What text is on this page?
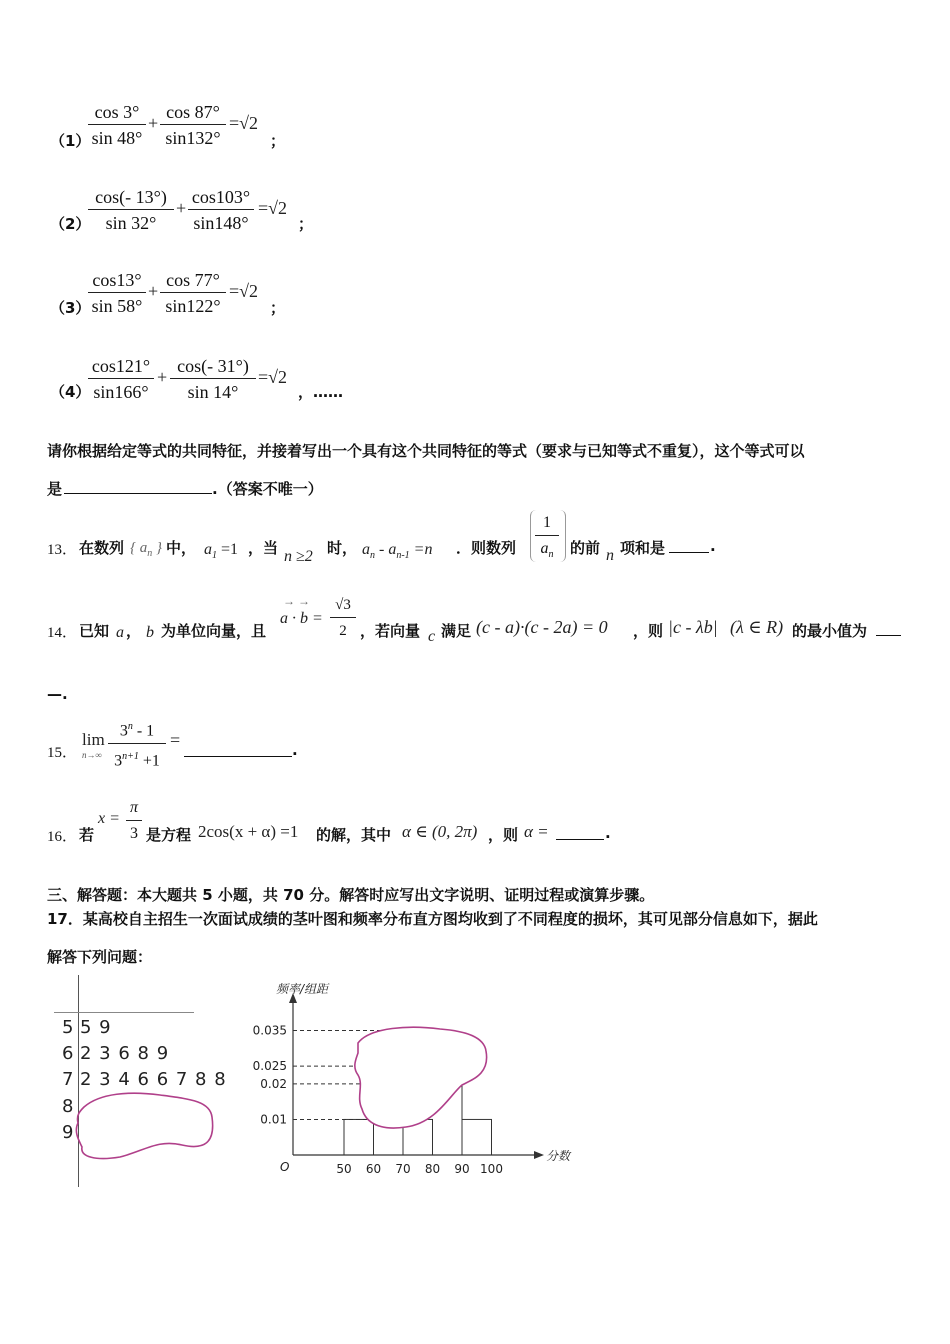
（1）
cos 3°
sin 48°
+
cos 87°
sin132°
=√2
；
（2）
cos(- 13°)
sin 32°
+
cos103°
sin148°
=√2
；
（3）
cos13°
sin 58°
+
cos 77°
sin122°
=√2
；
（4）
cos121°
sin166°
+
cos(- 31°)
sin 14°
=√2
，……
请你根据给定等式的共同特征，并接着写出一个具有这个共同特征的等式（要求与已知等式不重复），这个等式可以
是	.（答案不唯一）
13． 在数列 { $a_n$ } 中， $a_1 =1$ ，当 n ≥2 时， $a_n - a_{n-1} =n$ ．则数列
1
$a_n$	的前 n 项和是	.
14． 已知 a ， b 为单位向量，且
→ →
a · b =
√3
2 ，若向量 c 满足 (c - a)·(c - 2a) = 0 ，则 |c - λb| (λ ∈ R) 的最小值为
—.
15．
lim
n→∞
3$^n$ - 1
$3^{n+1} +1$
=	.
16． 若
x =
π
3 是方程 2cos(x + α) =1 的解，其中 α ∈ (0, 2π) ，则 α =	.
三、解答题：本大题共 5 小题，共 70 分。解答时应写出文字说明、证明过程或演算步骤。
17．某高校自主招生一次面试成绩的茎叶图和频率分布直方图均收到了不同程度的损坏，其可见部分信息如下，据此
解答下列问题：
5 5 9
6 2 3 6 8 9
7 2 3 4 6 6 7 8 8
8
9
频率/组距
分数
O
0.01
0.02
0.025
0.035
50 60 70 80 90 100
